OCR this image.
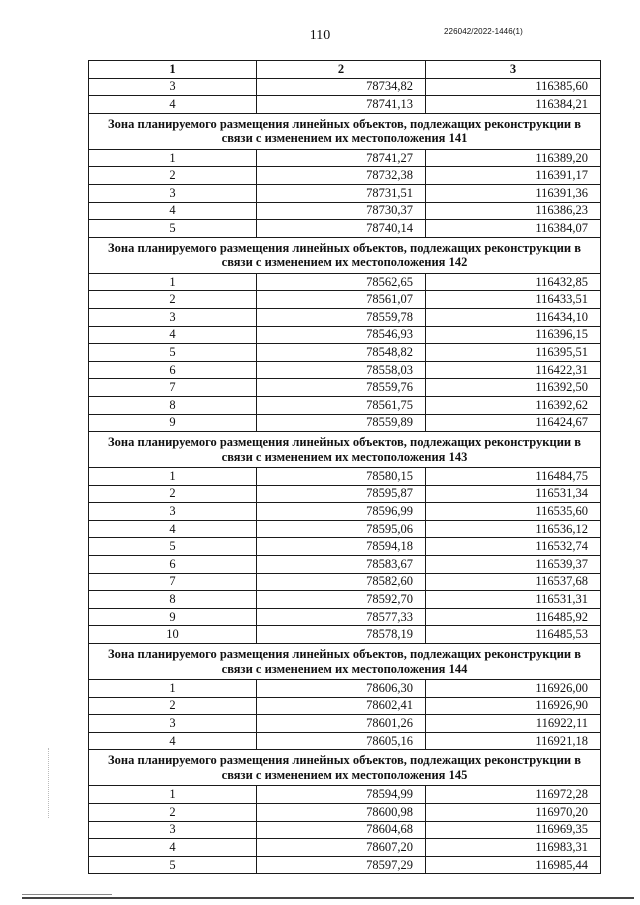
110	226042/2022-1446(1)
1	2	3
3	78734,82	116385,60
4	78741,13	116384,21
Зона планируемого размещения линейных объектов, подлежащих реконструкции в связи с изменением их местоположения 141		
1	78741,27	116389,20
2	78732,38	116391,17
3	78731,51	116391,36
4	78730,37	116386,23
5	78740,14	116384,07
Зона планируемого размещения линейных объектов, подлежащих реконструкции в связи с изменением их местоположения 142		
1	78562,65	116432,85
2	78561,07	116433,51
3	78559,78	116434,10
4	78546,93	116396,15
5	78548,82	116395,51
6	78558,03	116422,31
7	78559,76	116392,50
8	78561,75	116392,62
9	78559,89	116424,67
Зона планируемого размещения линейных объектов, подлежащих реконструкции в связи с изменением их местоположения 143		
1	78580,15	116484,75
2	78595,87	116531,34
3	78596,99	116535,60
4	78595,06	116536,12
5	78594,18	116532,74
6	78583,67	116539,37
7	78582,60	116537,68
8	78592,70	116531,31
9	78577,33	116485,92
10	78578,19	116485,53
Зона планируемого размещения линейных объектов, подлежащих реконструкции в связи с изменением их местоположения 144		
1	78606,30	116926,00
2	78602,41	116926,90
3	78601,26	116922,11
4	78605,16	116921,18
Зона планируемого размещения линейных объектов, подлежащих реконструкции в связи с изменением их местоположения 145		
1	78594,99	116972,28
2	78600,98	116970,20
3	78604,68	116969,35
4	78607,20	116983,31
5	78597,29	116985,44
